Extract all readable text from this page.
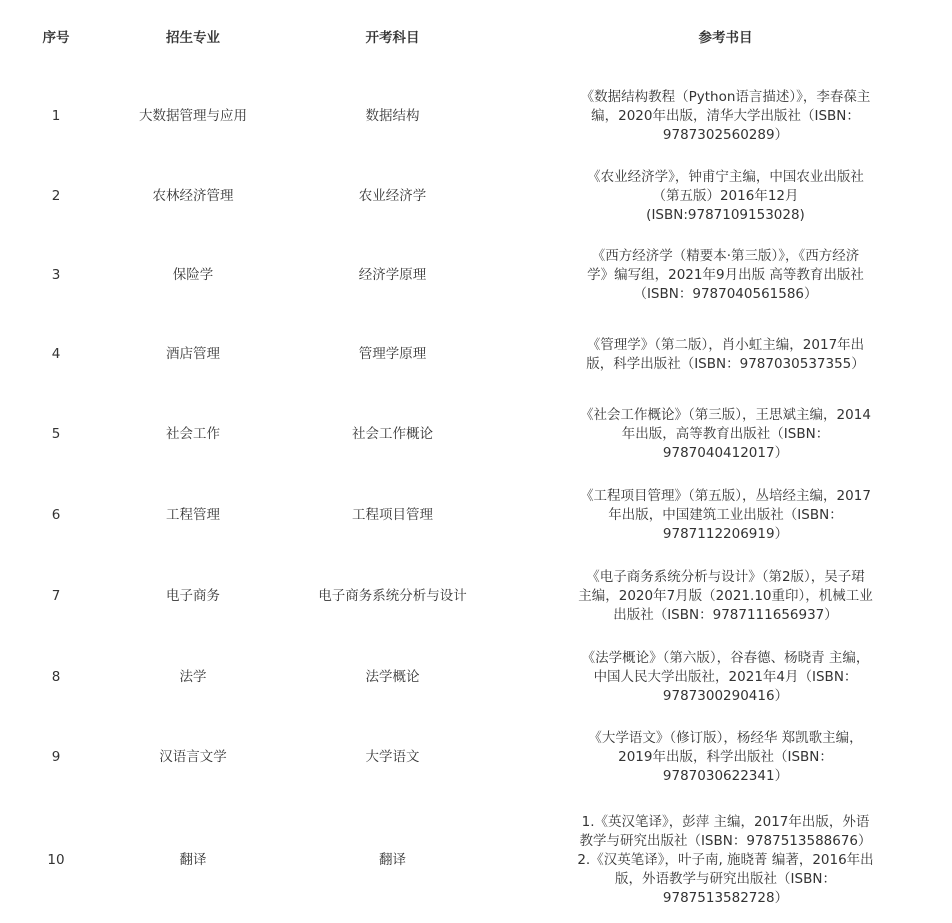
序号	招生专业	开考科目	参考书目
1	大数据管理与应用	数据结构	《数据结构教程（Python语言描述）》，李春葆主
编，2020年出版，清华大学出版社（ISBN：
9787302560289）
2	农林经济管理	农业经济学	《农业经济学》，钟甫宁主编，中国农业出版社
（第五版）2016年12月
(ISBN:9787109153028)
3	保险学	经济学原理	《西方经济学（精要本·第三版）》，《西方经济
学》编写组，2021年9月出版 高等教育出版社
（ISBN：9787040561586）
4	酒店管理	管理学原理	《管理学》（第二版），肖小虹主编，2017年出
版，科学出版社（ISBN：9787030537355）
5	社会工作	社会工作概论	《社会工作概论》（第三版），王思斌主编，2014
年出版，高等教育出版社（ISBN：
9787040412017）
6	工程管理	工程项目管理	《工程项目管理》（第五版），丛培经主编，2017
年出版，中国建筑工业出版社（ISBN：
9787112206919）
7	电子商务	电子商务系统分析与设计	《电子商务系统分析与设计》（第2版），吴子珺
主编，2020年7月版（2021.10重印），机械工业
出版社（ISBN：9787111656937）
8	法学	法学概论	《法学概论》（第六版），谷春德、杨晓青 主编，
中国人民大学出版社，2021年4月（ISBN：
9787300290416）
9	汉语言文学	大学语文	《大学语文》（修订版），杨经华 郑凯歌主编，
2019年出版，科学出版社（ISBN：
9787030622341）
10	翻译	翻译	1.《英汉笔译》，彭萍 主编，2017年出版，外语
教学与研究出版社（ISBN：9787513588676）
2.《汉英笔译》，叶子南, 施晓菁 编著，2016年出
版，外语教学与研究出版社（ISBN：
9787513582728）
